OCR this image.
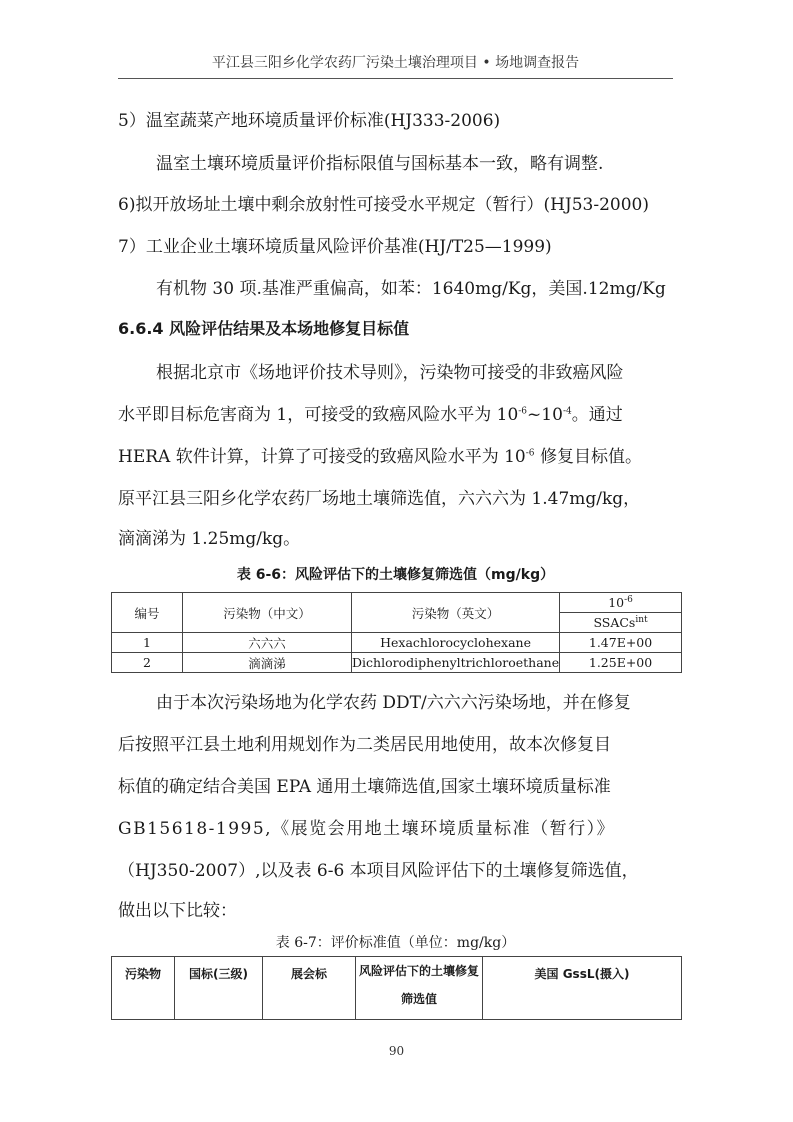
平江县三阳乡化学农药厂污染土壤治理项目 • 场地调查报告
5）温室蔬菜产地环境质量评价标准(HJ333-2006)
温室土壤环境质量评价指标限值与国标基本一致，略有调整.
6)拟开放场址土壤中剩余放射性可接受水平规定（暂行）(HJ53-2000)
7）工业企业土壤环境质量风险评价基准(HJ/T25—1999)
有机物 30 项.基准严重偏高，如苯：1640mg/Kg，美国.12mg/Kg
6.6.4 风险评估结果及本场地修复目标值
根据北京市《场地评价技术导则》，污染物可接受的非致癌风险
水平即目标危害商为 1，可接受的致癌风险水平为 $10^{-6}\sim 10^{-4}$。通过
HERA 软件计算，计算了可接受的致癌风险水平为 $10^{-6}$ 修复目标值。
原平江县三阳乡化学农药厂场地土壤筛选值，六六六为 1.47mg/kg，
滴滴涕为 1.25mg/kg。
表 6-6：风险评估下的土壤修复筛选值（mg/kg）
编号	污染物（中文）	污染物（英文）	$10^{-6}$
			SSACs$^{int}$
1	六六六	Hexachlorocyclohexane	1.47E+00
2	滴滴涕	Dichlorodiphenyltrichloroethane	1.25E+00
由于本次污染场地为化学农药 DDT/六六六污染场地，并在修复
后按照平江县土地利用规划作为二类居民用地使用，故本次修复目
标值的确定结合美国 EPA 通用土壤筛选值,国家土壤环境质量标准
GB15618-1995,《展览会用地土壤环境质量标准（暂行）》
（HJ350-2007）,以及表 6-6 本项目风险评估下的土壤修复筛选值，
做出以下比较：
表 6-7：评价标准值（单位：mg/kg）
污染物	国标(三级)	展会标	风险评估下的土壤修复筛选值	美国 GssL(摄入)
90
